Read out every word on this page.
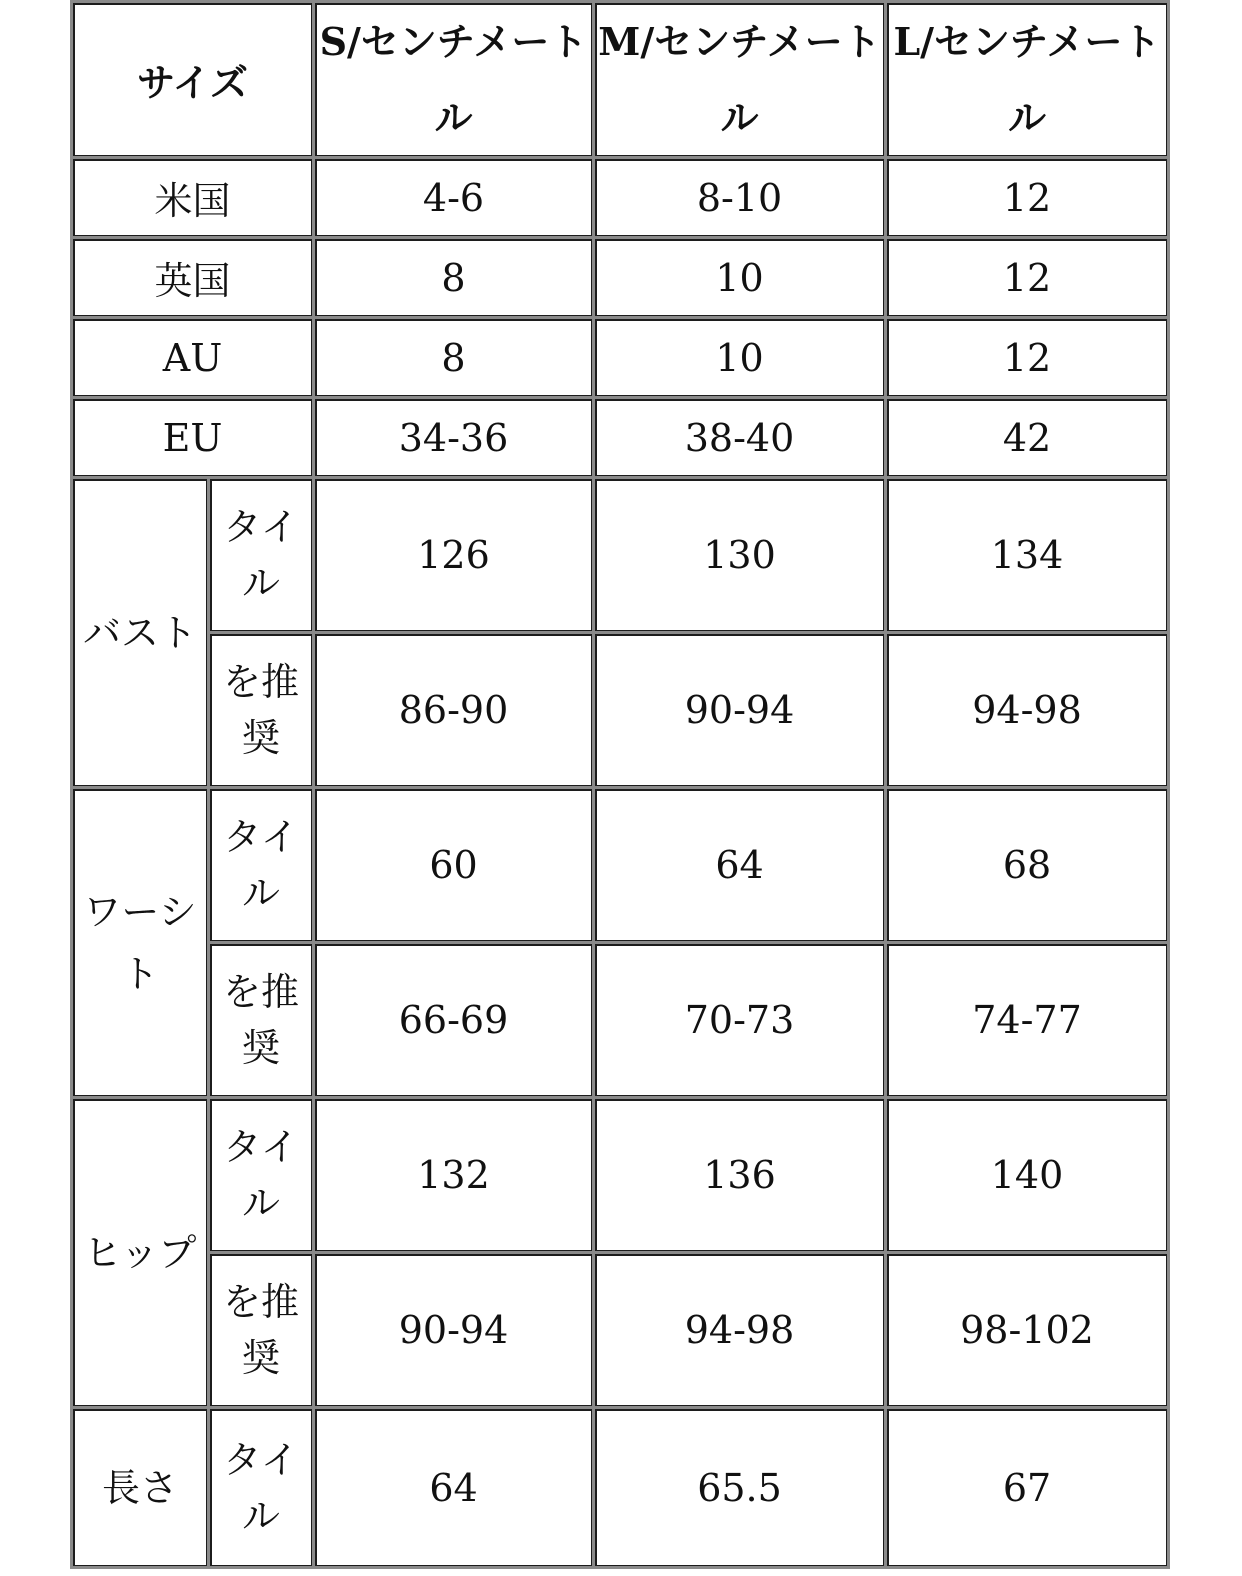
サイズ		S/センチメートル	M/センチメートル	L/センチメートル
米国		4-6	8-10	12
英国		8	10	12
AU		8	10	12
EU		34-36	38-40	42
バスト	タイル	126	130	134
	を推奨	86-90	90-94	94-98
ワーシト	タイル	60	64	68
	を推奨	66-69	70-73	74-77
ヒップ	タイル	132	136	140
	を推奨	90-94	94-98	98-102
長さ	タイル	64	65.5	67
